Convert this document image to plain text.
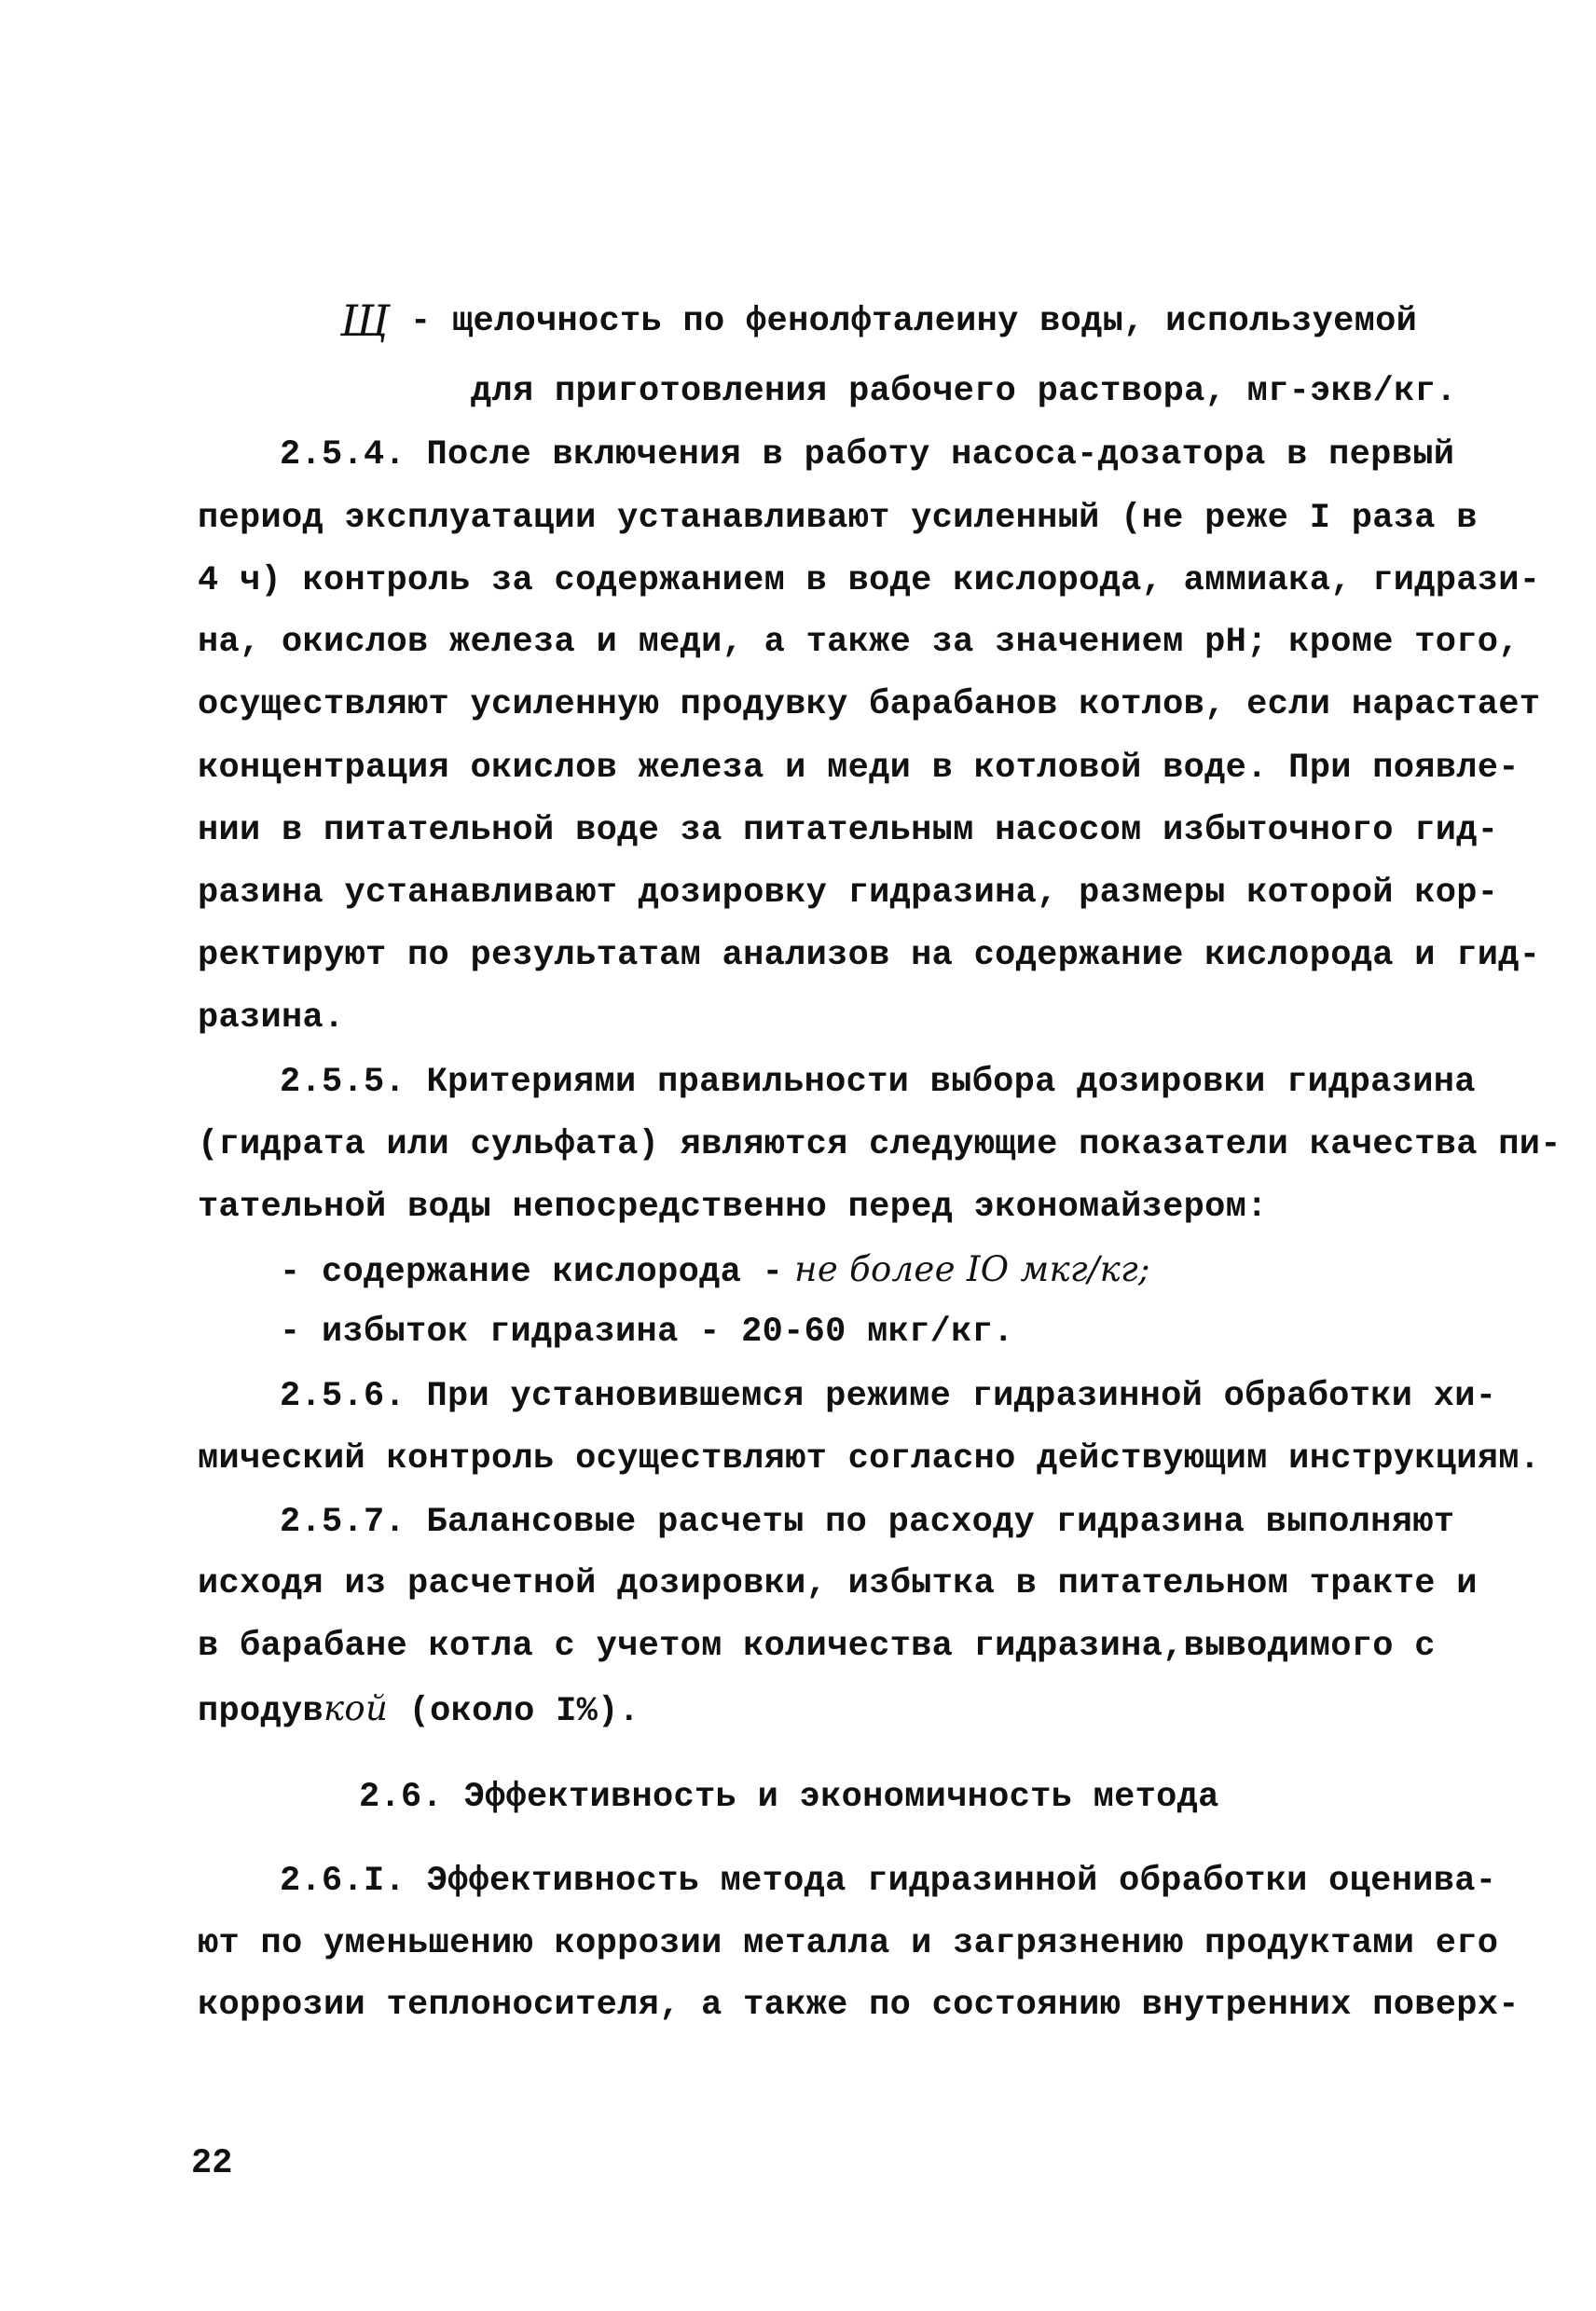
Щ - щелочность по фенолфталеину воды, используемой
для приготовления рабочего раствора, мг-экв/кг.
2.5.4. После включения в работу насоса-дозатора в первый
период эксплуатации устанавливают усиленный (не реже I раза в
4 ч) контроль за содержанием в воде кислорода, аммиака, гидрази-
на, окислов железа и меди, а также за значением рН; кроме того,
осуществляют усиленную продувку барабанов котлов, если нарастает
концентрация окислов железа и меди в котловой воде. При появле-
нии в питательной воде за питательным насосом избыточного гид-
разина устанавливают дозировку гидразина, размеры которой кор-
ректируют по результатам анализов на содержание кислорода и гид-
разина.
2.5.5. Критериями правильности выбора дозировки гидразина
(гидрата или сульфата) являются следующие показатели качества пи-
тательной воды непосредственно перед экономайзером:
- содержание кислорода - не более IO мкг/кг;
- избыток гидразина - 20-60 мкг/кг.
2.5.6. При установившемся режиме гидразинной обработки хи-
мический контроль осуществляют согласно действующим инструкциям.
2.5.7. Балансовые расчеты по расходу гидразина выполняют
исходя из расчетной дозировки, избытка в питательном тракте и
в барабане котла с учетом количества гидразина,выводимого с
продувкой (около I%).
2.6. Эффективность и экономичность метода
2.6.I. Эффективность метода гидразинной обработки оценива-
ют по уменьшению коррозии металла и загрязнению продуктами его
коррозии теплоносителя, а также по состоянию внутренних поверх-
22
